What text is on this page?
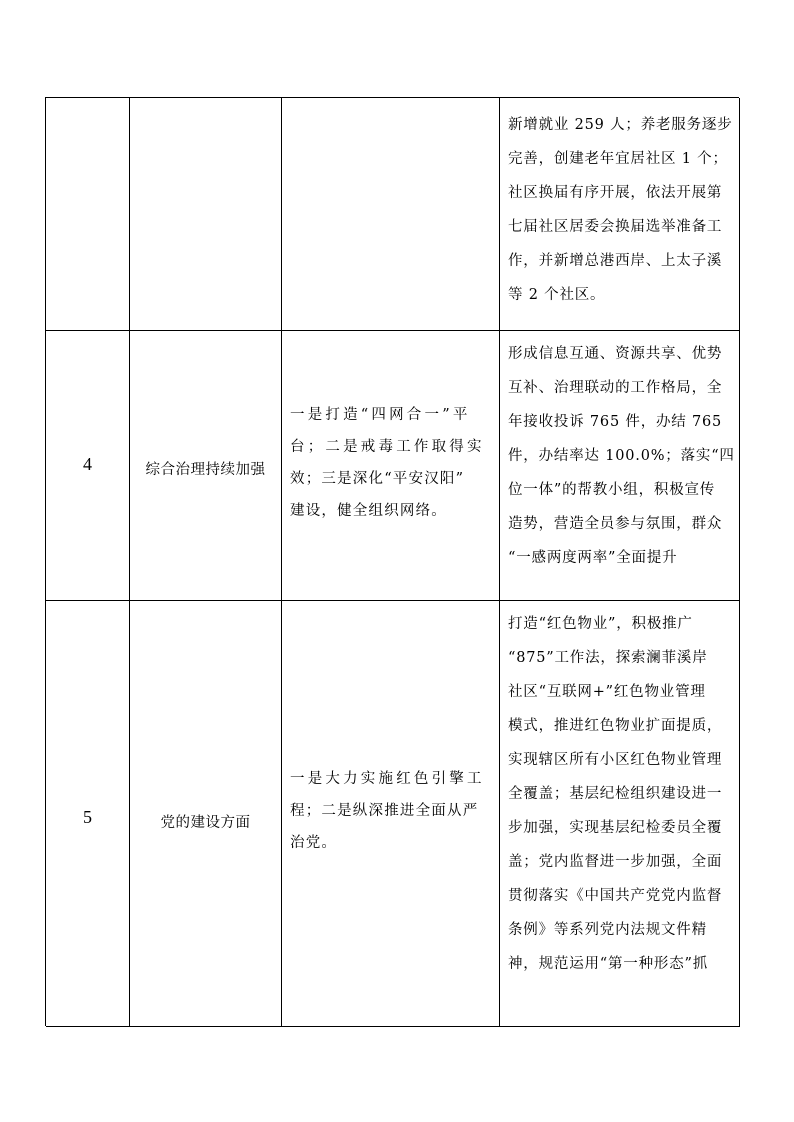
新增就业 259 人；养老服务逐步
完善，创建老年宜居社区 1 个；
社区换届有序开展，依法开展第
七届社区居委会换届选举准备工
作，并新增总港西岸、上太子溪
等 2 个社区。
4	综合治理持续加强
一是打造“四网合一”平
台；二是戒毒工作取得实
效；三是深化“平安汉阳”
建设，健全组织网络。
形成信息互通、资源共享、优势
互补、治理联动的工作格局，全
年接收投诉 765 件，办结 765
件，办结率达 100.0%；落实“四
位一体”的帮教小组，积极宣传
造势，营造全员参与氛围，群众
“一感两度两率”全面提升
5	党的建设方面
一是大力实施红色引擎工
程；二是纵深推进全面从严
治党。
打造“红色物业”，积极推广
“875”工作法，探索澜菲溪岸
社区“互联网+”红色物业管理
模式，推进红色物业扩面提质，
实现辖区所有小区红色物业管理
全覆盖；基层纪检组织建设进一
步加强，实现基层纪检委员全覆
盖；党内监督进一步加强，全面
贯彻落实《中国共产党党内监督
条例》等系列党内法规文件精
神，规范运用“第一种形态”抓
